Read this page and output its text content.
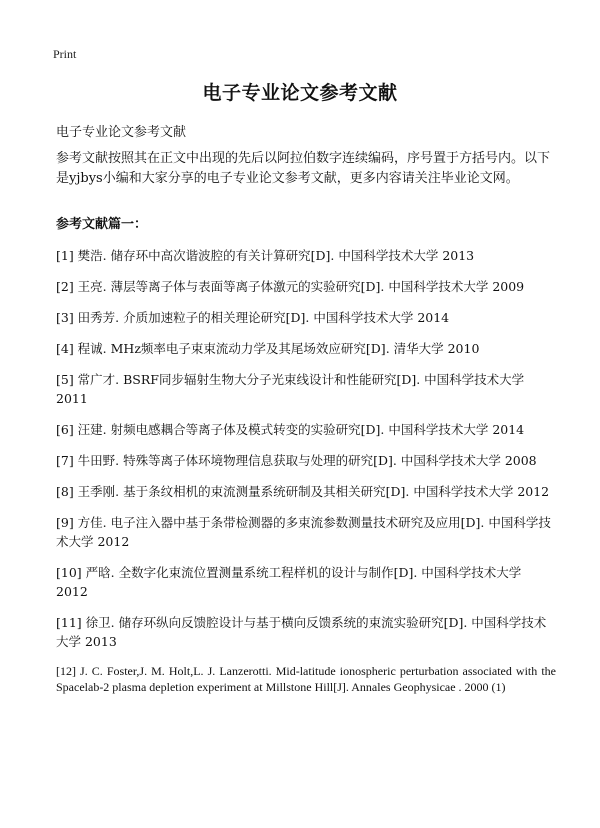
Print
电子专业论文参考文献
电子专业论文参考文献
参考文献按照其在正文中出现的先后以阿拉伯数字连续编码，序号置于方括号内。以下是yjbys小编和大家分享的电子专业论文参考文献，更多内容请关注毕业论文网。
参考文献篇一：
[1] 樊浩. 储存环中高次谐波腔的有关计算研究[D]. 中国科学技术大学 2013
[2] 王亮. 薄层等离子体与表面等离子体激元的实验研究[D]. 中国科学技术大学 2009
[3] 田秀芳. 介质加速粒子的相关理论研究[D]. 中国科学技术大学 2014
[4] 程诚. MHz频率电子束束流动力学及其尾场效应研究[D]. 清华大学 2010
[5] 常广才. BSRF同步辐射生物大分子光束线设计和性能研究[D]. 中国科学技术大学 2011
[6] 汪建. 射频电感耦合等离子体及模式转变的实验研究[D]. 中国科学技术大学 2014
[7] 牛田野. 特殊等离子体环境物理信息获取与处理的研究[D]. 中国科学技术大学 2008
[8] 王季刚. 基于条纹相机的束流测量系统研制及其相关研究[D]. 中国科学技术大学 2012
[9] 方佳. 电子注入器中基于条带检测器的多束流参数测量技术研究及应用[D]. 中国科学技术大学 2012
[10] 严晗. 全数字化束流位置测量系统工程样机的设计与制作[D]. 中国科学技术大学 2012
[11] 徐卫. 储存环纵向反馈腔设计与基于横向反馈系统的束流实验研究[D]. 中国科学技术大学 2013
[12] J. C. Foster,J. M. Holt,L. J. Lanzerotti. Mid-latitude ionospheric perturbation associated with the Spacelab-2 plasma depletion experiment at Millstone Hill[J]. Annales Geophysicae . 2000 (1)
